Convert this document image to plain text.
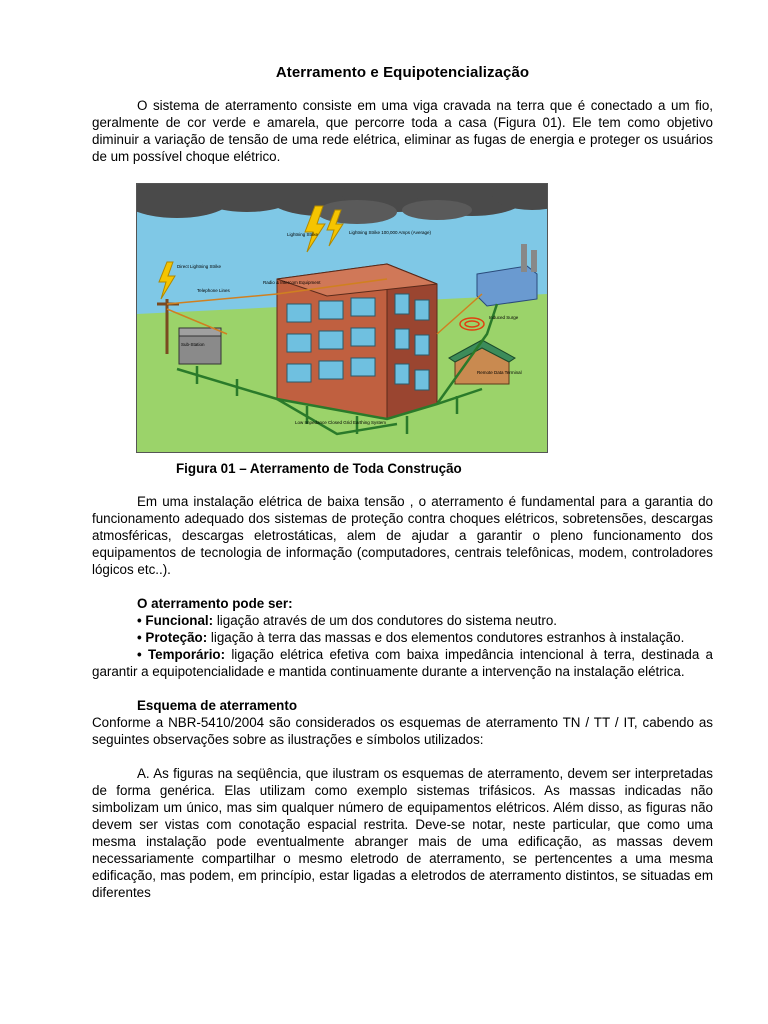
Aterramento e Equipotencialização

O sistema de aterramento consiste em uma viga cravada na terra que é conectado a um fio, geralmente de cor verde e amarela, que percorre toda a casa (Figura 01). Ele tem como objetivo diminuir a variação de tensão de uma rede elétrica, eliminar as fugas de energia e proteger os usuários de um possível choque elétrico.

Lightning Strike	Lightning Strike 100,000 Amps (Average)
Direct Lightning Strike
Telephone Lines
Sub-Station
Radio & Intercom Equipment
Low Impedance Closed Grid Earthing System
Induced Surge
Remote Data Terminal
Figura 01 – Aterramento de Toda Construção

Em uma instalação elétrica de baixa tensão , o aterramento é fundamental para a garantia do funcionamento adequado dos sistemas de proteção contra choques elétricos, sobretensões, descargas atmosféricas, descargas eletrostáticas, alem de ajudar a garantir o pleno funcionamento dos equipamentos de tecnologia de informação (computadores, centrais telefônicas, modem, controladores lógicos etc..).

O aterramento pode ser:

• Funcional: ligação através de um dos condutores do sistema neutro.

• Proteção: ligação à terra das massas e dos elementos condutores estranhos à instalação.

• Temporário: ligação elétrica efetiva com baixa impedância intencional à terra, destinada a garantir a equipotencialidade e mantida continuamente durante a intervenção na instalação elétrica.

Esquema de aterramento

Conforme a NBR-5410/2004 são considerados os esquemas de aterramento TN / TT / IT, cabendo as seguintes observações sobre as ilustrações e símbolos utilizados:

A. As figuras na seqüência, que ilustram os esquemas de aterramento, devem ser interpretadas de forma genérica. Elas utilizam como exemplo sistemas trifásicos. As massas indicadas não simbolizam um único, mas sim qualquer número de equipamentos elétricos. Além disso, as figuras não devem ser vistas com conotação espacial restrita. Deve-se notar, neste particular, que como uma mesma instalação pode eventualmente abranger mais de uma edificação, as massas devem necessariamente compartilhar o mesmo eletrodo de aterramento, se pertencentes a uma mesma edificação, mas podem, em princípio, estar ligadas a eletrodos de aterramento distintos, se situadas em diferentes
